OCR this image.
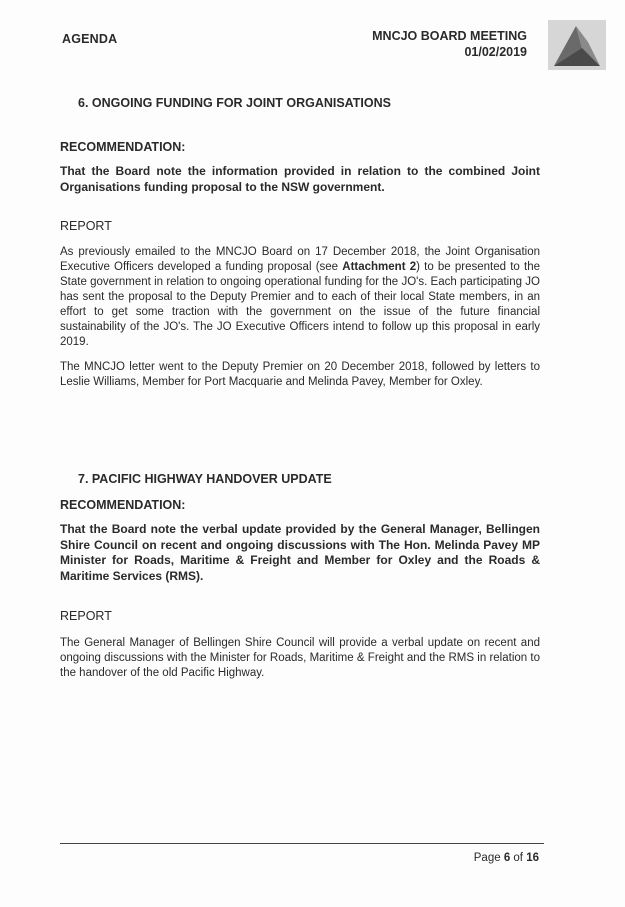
AGENDA	MNCJO BOARD MEETING
01/02/2019
6. ONGOING FUNDING FOR JOINT ORGANISATIONS
RECOMMENDATION:
That the Board note the information provided in relation to the combined Joint Organisations funding proposal to the NSW government.
REPORT
As previously emailed to the MNCJO Board on 17 December 2018, the Joint Organisation Executive Officers developed a funding proposal (see Attachment 2) to be presented to the State government in relation to ongoing operational funding for the JO's. Each participating JO has sent the proposal to the Deputy Premier and to each of their local State members, in an effort to get some traction with the government on the issue of the future financial sustainability of the JO's. The JO Executive Officers intend to follow up this proposal in early 2019.
The MNCJO letter went to the Deputy Premier on 20 December 2018, followed by letters to Leslie Williams, Member for Port Macquarie and Melinda Pavey, Member for Oxley.
7. PACIFIC HIGHWAY HANDOVER UPDATE
RECOMMENDATION:
That the Board note the verbal update provided by the General Manager, Bellingen Shire Council on recent and ongoing discussions with The Hon. Melinda Pavey MP Minister for Roads, Maritime & Freight and Member for Oxley and the Roads & Maritime Services (RMS).
REPORT
The General Manager of Bellingen Shire Council will provide a verbal update on recent and ongoing discussions with the Minister for Roads, Maritime & Freight and the RMS in relation to the handover of the old Pacific Highway.
Page 6 of 16
